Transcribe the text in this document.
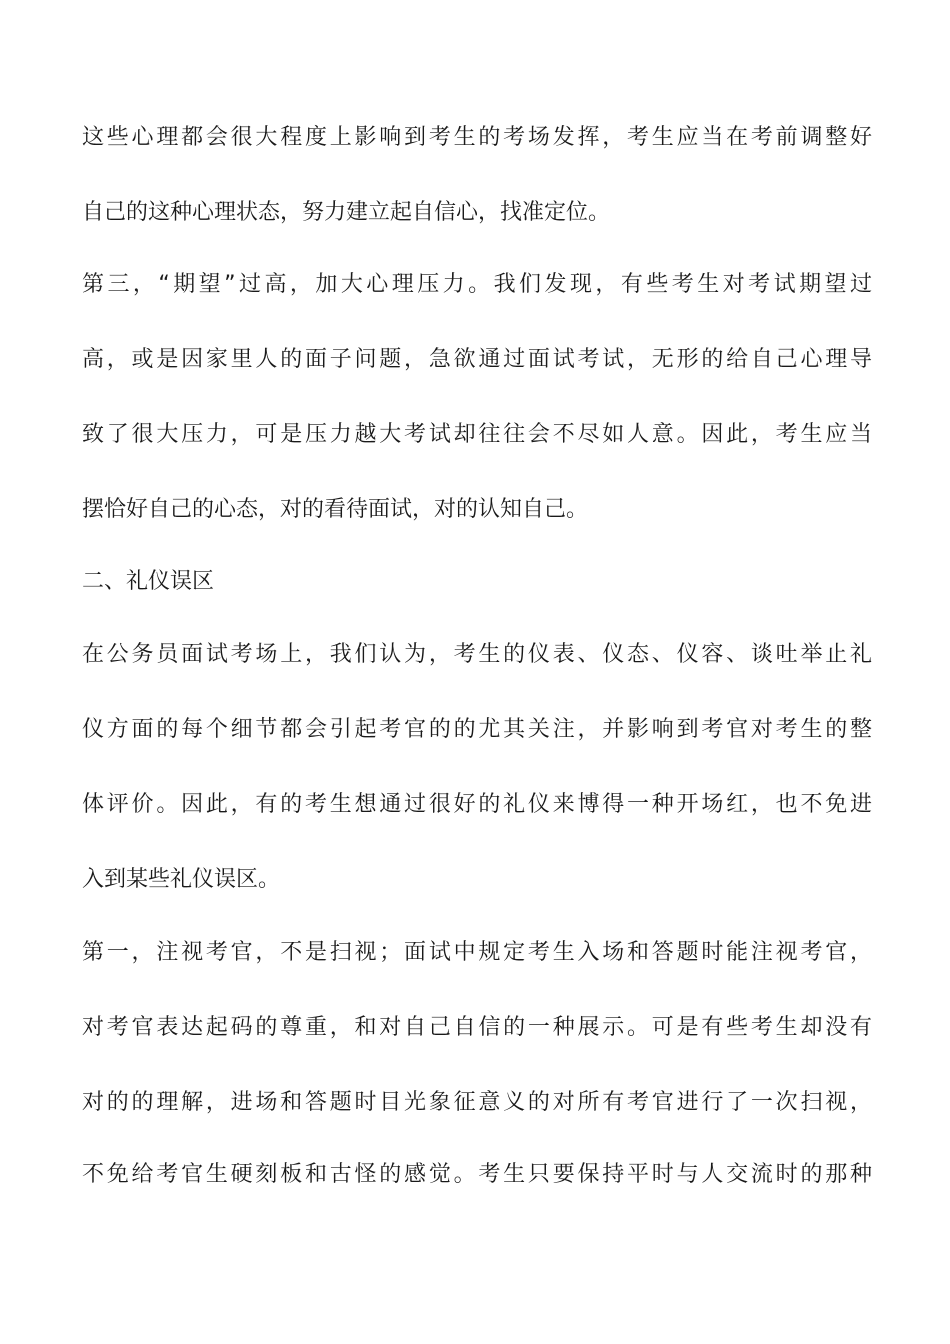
这些心理都会很大程度上影响到考生的考场发挥，考生应当在考前调整好
自己的这种心理状态，努力建立起自信心，找准定位。
第三，“期望”过高，加大心理压力。我们发现，有些考生对考试期望过
高，或是因家里人的面子问题，急欲通过面试考试，无形的给自己心理导
致了很大压力，可是压力越大考试却往往会不尽如人意。因此，考生应当
摆恰好自己的心态，对的看待面试，对的认知自己。
二、礼仪误区
在公务员面试考场上，我们认为，考生的仪表、仪态、仪容、谈吐举止礼
仪方面的每个细节都会引起考官的的尤其关注，并影响到考官对考生的整
体评价。因此，有的考生想通过很好的礼仪来博得一种开场红，也不免进
入到某些礼仪误区。
第一，注视考官，不是扫视；面试中规定考生入场和答题时能注视考官，
对考官表达起码的尊重，和对自己自信的一种展示。可是有些考生却没有
对的的理解，进场和答题时目光象征意义的对所有考官进行了一次扫视，
不免给考官生硬刻板和古怪的感觉。考生只要保持平时与人交流时的那种
